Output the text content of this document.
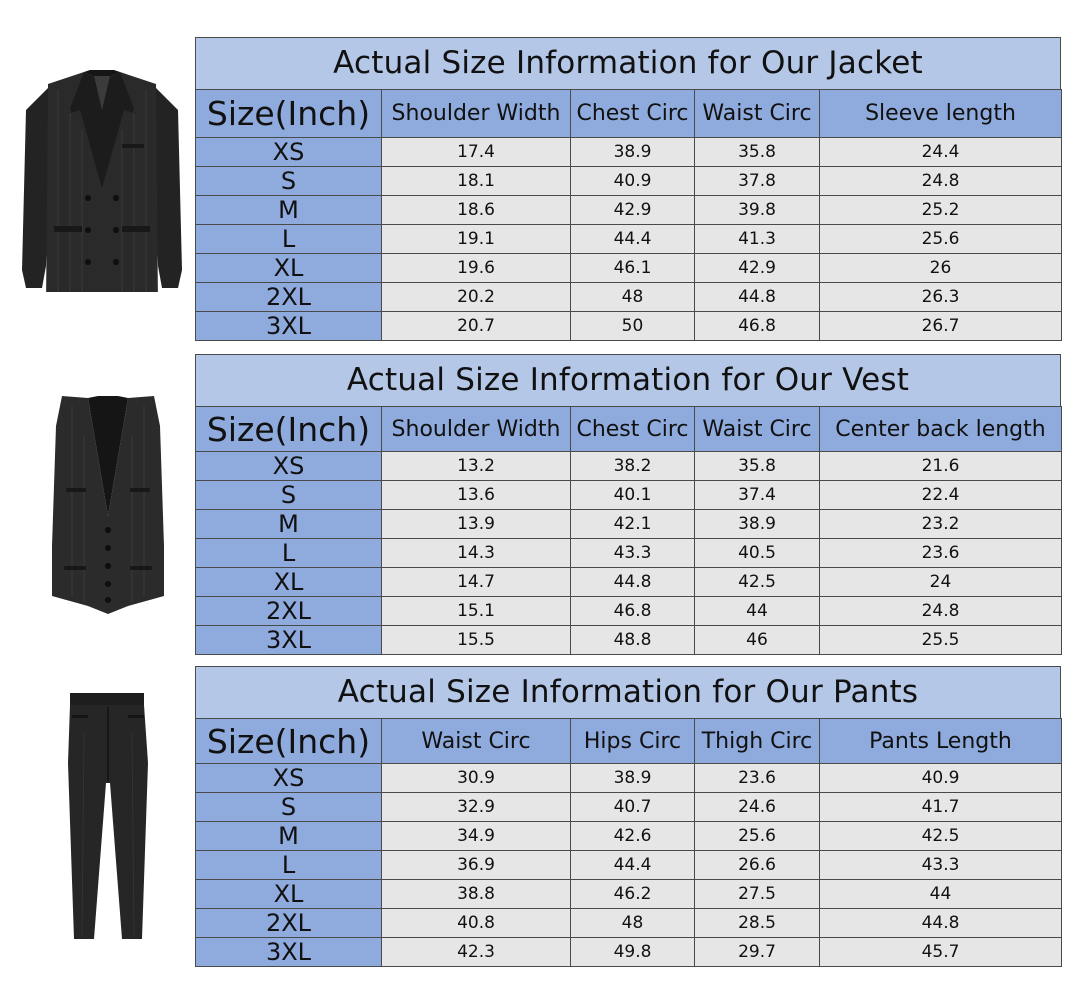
Actual Size Information for Our Jacket
Size(Inch)	Shoulder Width	Chest Circ	Waist Circ	Sleeve length
XS	17.4	38.9	35.8	24.4
S	18.1	40.9	37.8	24.8
M	18.6	42.9	39.8	25.2
L	19.1	44.4	41.3	25.6
XL	19.6	46.1	42.9	26
2XL	20.2	48	44.8	26.3
3XL	20.7	50	46.8	26.7
Actual Size Information for Our Vest
Size(Inch)	Shoulder Width	Chest Circ	Waist Circ	Center back length
XS	13.2	38.2	35.8	21.6
S	13.6	40.1	37.4	22.4
M	13.9	42.1	38.9	23.2
L	14.3	43.3	40.5	23.6
XL	14.7	44.8	42.5	24
2XL	15.1	46.8	44	24.8
3XL	15.5	48.8	46	25.5
Actual Size Information for Our Pants
Size(Inch)	Waist Circ	Hips Circ	Thigh Circ	Pants Length
XS	30.9	38.9	23.6	40.9
S	32.9	40.7	24.6	41.7
M	34.9	42.6	25.6	42.5
L	36.9	44.4	26.6	43.3
XL	38.8	46.2	27.5	44
2XL	40.8	48	28.5	44.8
3XL	42.3	49.8	29.7	45.7
